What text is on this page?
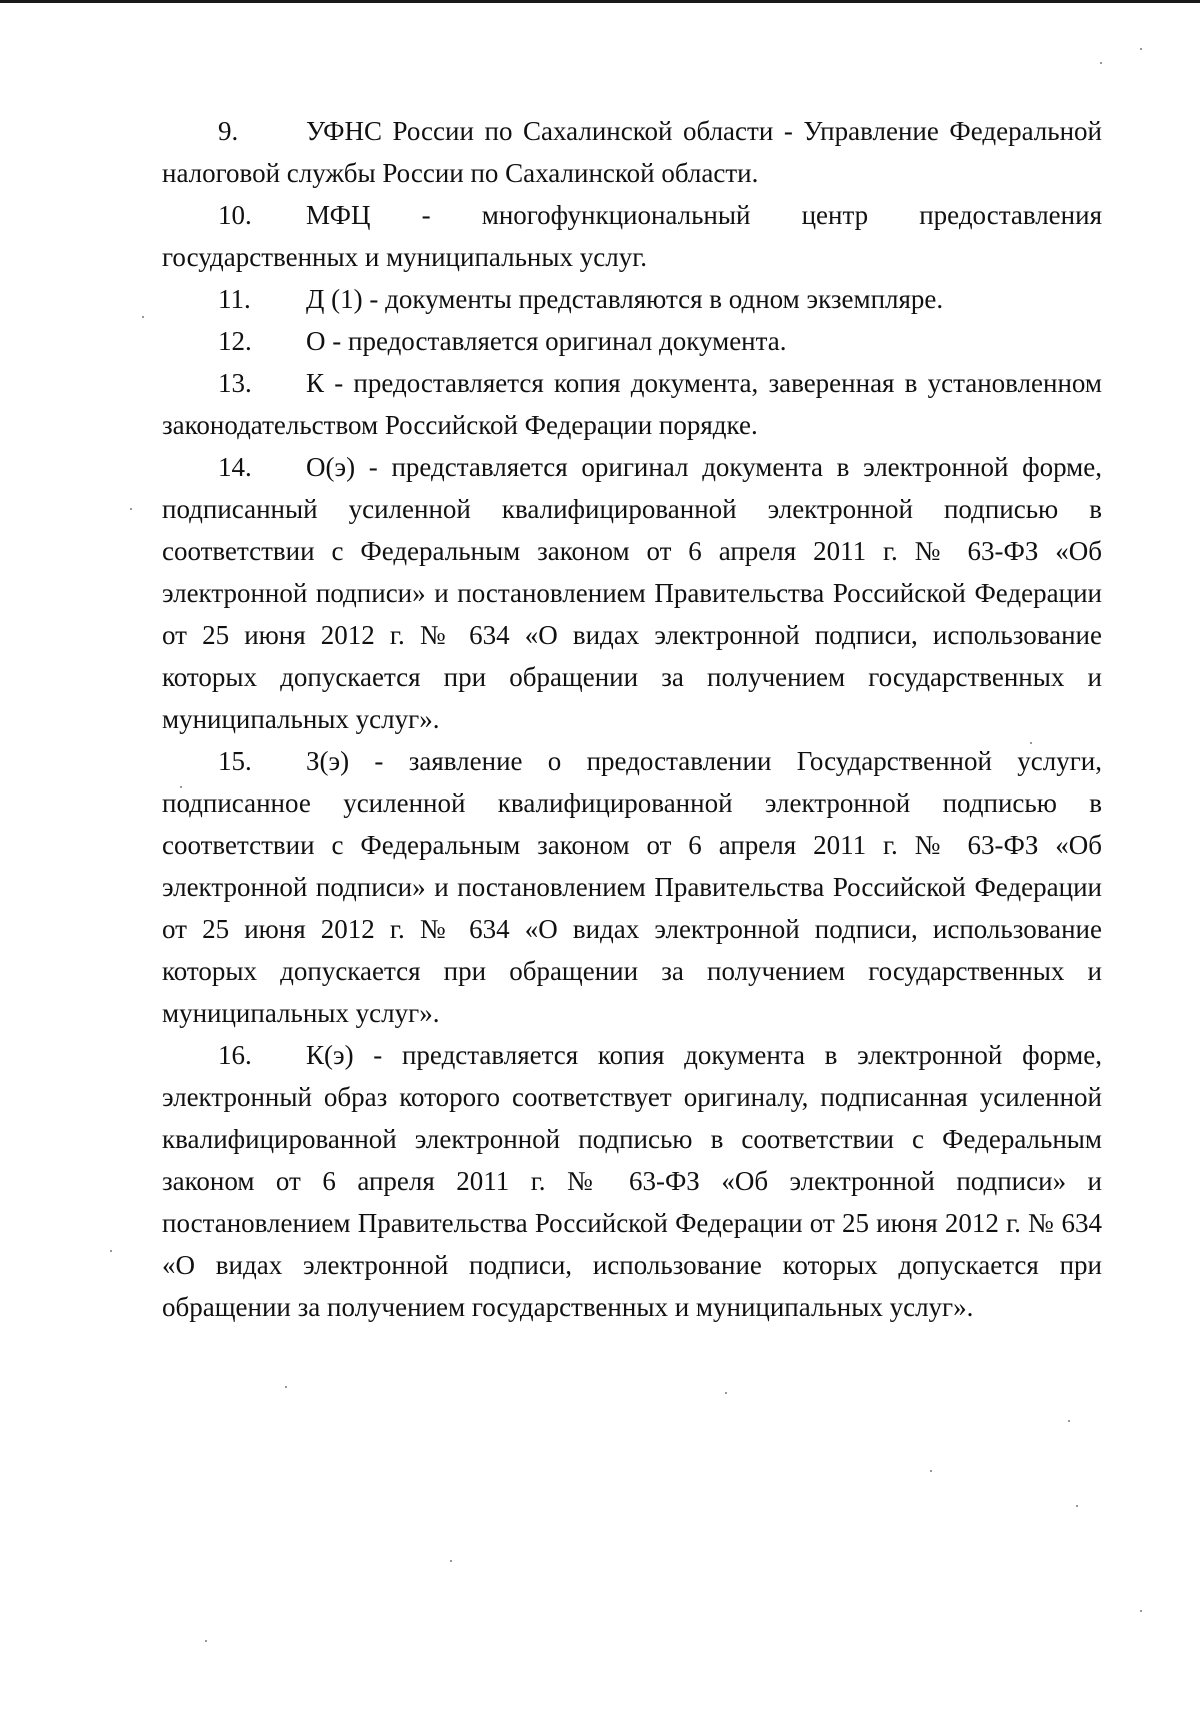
9.	УФНС России по Сахалинской области - Управление Федеральной налоговой службы России по Сахалинской области.

10. МФЦ - многофункциональный центр предоставления государственных и муниципальных услуг.

11. Д (1) - документы представляются в одном экземпляре.

12. О - предоставляется оригинал документа.

13. К - предоставляется копия документа, заверенная в установленном законодательством Российской Федерации порядке.

14. О(э) - представляется оригинал документа в электронной форме, подписанный усиленной квалифицированной электронной подписью в соответствии с Федеральным законом от 6 апреля 2011 г. № 63-ФЗ «Об электронной подписи» и постановлением Правительства Российской Федерации от 25 июня 2012 г. № 634 «О видах электронной подписи, использование которых допускается при обращении за получением государственных и муниципальных услуг».

15. З(э) - заявление о предоставлении Государственной услуги, подписанное усиленной квалифицированной электронной подписью в соответствии с Федеральным законом от 6 апреля 2011 г. № 63-ФЗ «Об электронной подписи» и постановлением Правительства Российской Федерации от 25 июня 2012 г. № 634 «О видах электронной подписи, использование которых допускается при обращении за получением государственных и муниципальных услуг».

16. К(э) - представляется копия документа в электронной форме, электронный образ которого соответствует оригиналу, подписанная усиленной квалифицированной электронной подписью в соответствии с Федеральным законом от 6 апреля 2011 г. № 63-ФЗ «Об электронной подписи» и постановлением Правительства Российской Федерации от 25 июня 2012 г. № 634 «О видах электронной подписи, использование которых допускается при обращении за получением государственных и муниципальных услуг».
